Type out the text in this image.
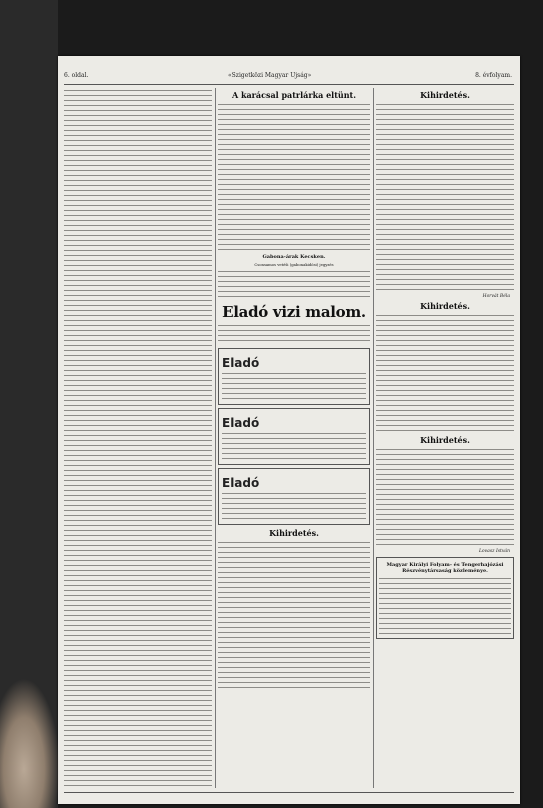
6. oldal.	«Szigetközi Magyar Ujság»	8. évfolyam.
A karácsal patrlárka eltünt.
Gabona-árak Kecsken.
Csonsamos vetéši (gabonakidósi) jegyzés
Eladó vizi malom.
Eladó
Eladó
Eladó
Kihirdetés.
Kihirdetés.
Horvát Béla
Kihirdetés.
Kihirdetés.
Lovasz István
Magyar Királyi Folyam- és Tengerhajózási Részvénytársaság közleménye.
